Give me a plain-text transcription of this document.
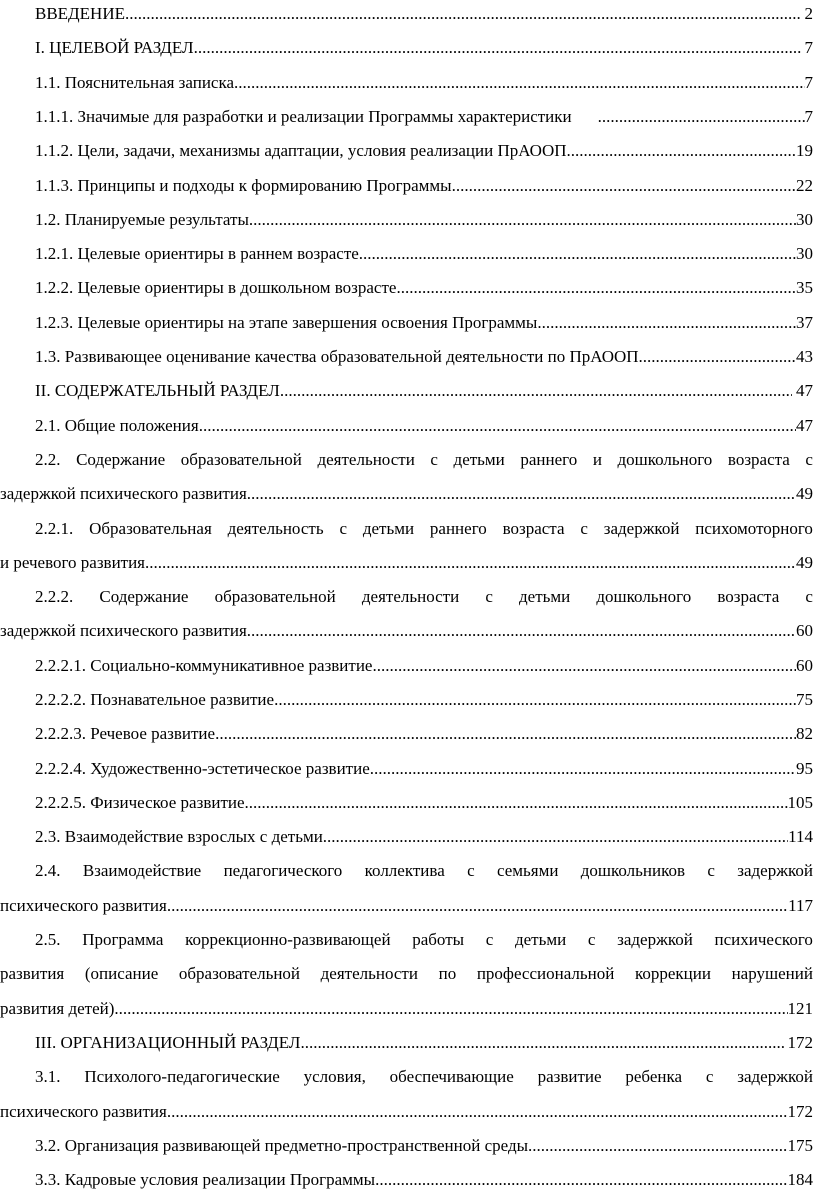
ВВЕДЕНИЕ .....	2
I. ЦЕЛЕВОЙ РАЗДЕЛ .....	7
1.1. Пояснительная записка .....	7
1.1.1. Значимые для разработки и реализации Программы характеристики .....	7
1.1.2. Цели, задачи, механизмы адаптации, условия реализации ПрАООП. .....	19
1.1.3. Принципы и подходы к формированию Программы .....	22
1.2. Планируемые результаты .....	30
1.2.1. Целевые ориентиры в раннем возрасте .....	30
1.2.2. Целевые ориентиры в дошкольном возрасте .....	35
1.2.3. Целевые ориентиры на этапе завершения освоения Программы .....	37
1.3. Развивающее оценивание качества образовательной деятельности по ПрАООП .....	43
II. СОДЕРЖАТЕЛЬНЫЙ РАЗДЕЛ .....	47
2.1. Общие положения .....	47
2.2. Содержание образовательной деятельности с детьми раннего и дошкольного возраста с
задержкой психического развития .....	49
2.2.1. Образовательная деятельность с детьми раннего возраста с задержкой психомоторного
и речевого развития. .....	49
2.2.2. Содержание образовательной деятельности с детьми дошкольного возраста с
задержкой психического развития .....	60
2.2.2.1. Социально-коммуникативное развитие .....	60
2.2.2.2. Познавательное развитие .....	75
2.2.2.3. Речевое развитие .....	82
2.2.2.4. Художественно-эстетическое развитие .....	95
2.2.2.5. Физическое развитие .....	105
2.3. Взаимодействие взрослых с детьми .....	114
2.4. Взаимодействие педагогического коллектива с семьями дошкольников с задержкой
психического развития .....	117
2.5. Программа коррекционно-развивающей работы с детьми с задержкой психического
развития (описание образовательной деятельности по профессиональной коррекции нарушений
развития детей) .....	121
III. ОРГАНИЗАЦИОННЫЙ РАЗДЕЛ .....	172
3.1. Психолого-педагогические условия, обеспечивающие развитие ребенка с задержкой
психического развития .....	172
3.2. Организация развивающей предметно-пространственной среды .....	175
3.3. Кадровые условия реализации Программы .....	184
